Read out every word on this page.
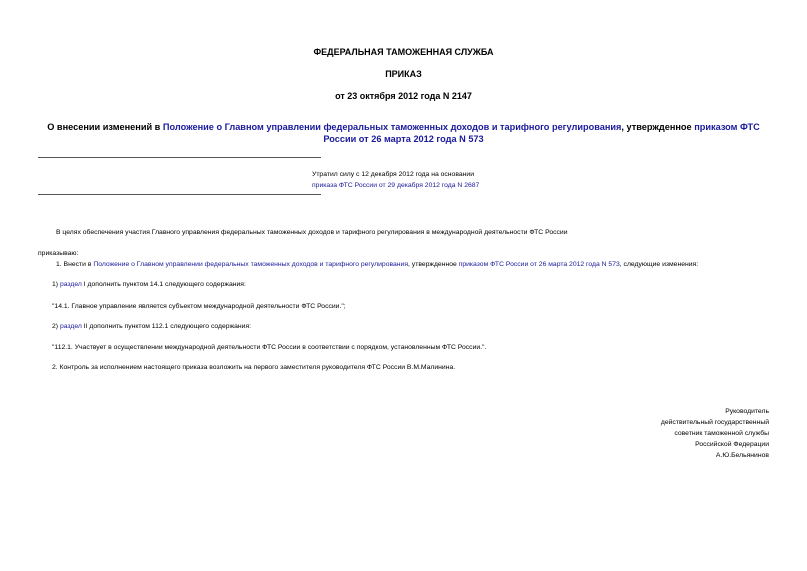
ФЕДЕРАЛЬНАЯ ТАМОЖЕННАЯ СЛУЖБА
ПРИКАЗ
от 23 октября 2012 года N 2147
О внесении изменений в Положение о Главном управлении федеральных таможенных доходов и тарифного регулирования, утвержденное приказом ФТС России от 26 марта 2012 года N 573
Утратил силу с 12 декабря 2012 года на основании
приказа ФТС России от 29 декабря 2012 года N 2687
В целях обеспечения участия Главного управления федеральных таможенных доходов и тарифного регулирования в международной деятельности ФТС России
приказываю:
1. Внести в Положение о Главном управлении федеральных таможенных доходов и тарифного регулирования, утвержденное приказом ФТС России от 26 марта 2012 года N 573, следующие изменения:
1) раздел I дополнить пунктом 14.1 следующего содержания:
"14.1. Главное управление является субъектом международной деятельности ФТС России.";
2) раздел II дополнить пунктом 112.1 следующего содержания:
"112.1. Участвует в осуществлении международной деятельности ФТС России в соответствии с порядком, установленным ФТС России.".
2. Контроль за исполнением настоящего приказа возложить на первого заместителя руководителя ФТС России В.М.Малинина.
Руководитель
действительный государственный
советник таможенной службы
Российской Федерации
А.Ю.Бельянинов
